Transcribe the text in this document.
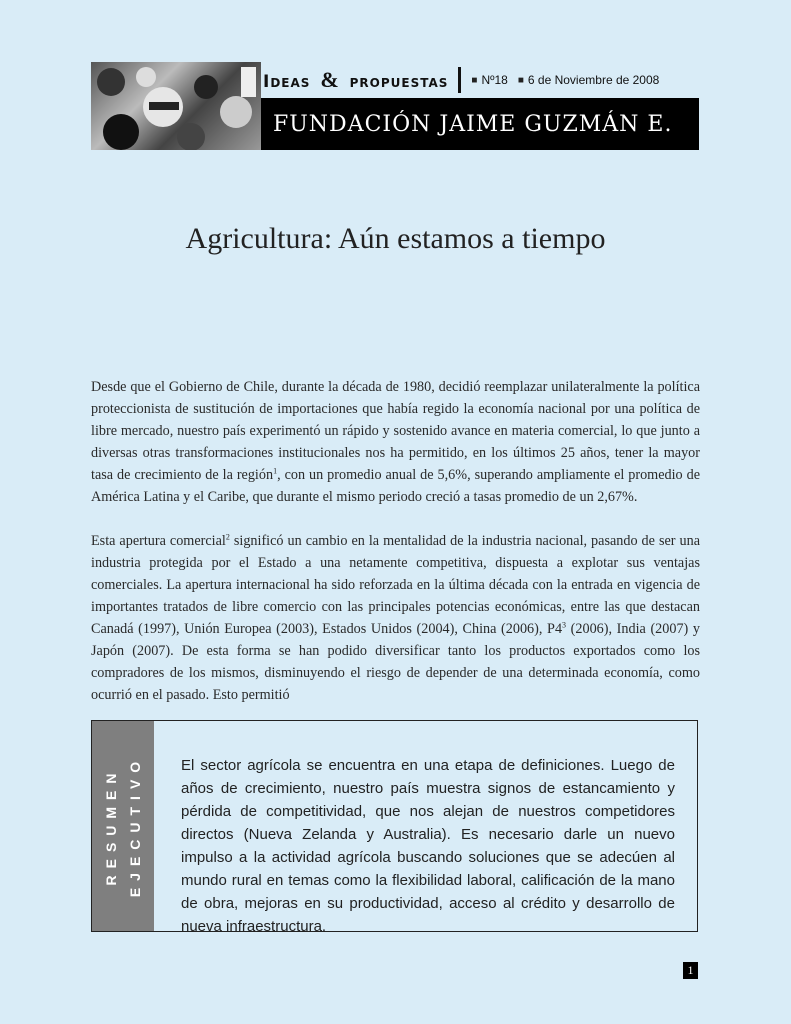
Ideas & propuestas ■ Nº18 ■ 6 de Noviembre de 2008
FUNDACIÓN JAIME GUZMÁN E.
Agricultura: Aún estamos a tiempo

Desde que el Gobierno de Chile, durante la década de 1980, decidió reemplazar unilateralmente la política proteccionista de sustitución de importaciones que había regido la economía nacional por una política de libre mercado, nuestro país experimentó un rápido y sostenido avance en materia comercial, lo que junto a diversas otras transformaciones institucionales nos ha permitido, en los últimos 25 años, tener la mayor tasa de crecimiento de la región$^1$, con un promedio anual de 5,6%, superando ampliamente el promedio de América Latina y el Caribe, que durante el mismo periodo creció a tasas promedio de un 2,67%.

Esta apertura comercial$^2$ significó un cambio en la mentalidad de la industria nacional, pasando de ser una industria protegida por el Estado a una netamente competitiva, dispuesta a explotar sus ventajas comerciales. La apertura internacional ha sido reforzada en la última década con la entrada en vigencia de importantes tratados de libre comercio con las principales potencias económicas, entre las que destacan Canadá (1997), Unión Europea (2003), Estados Unidos (2004), China (2006), $P4^3$ (2006), India (2007) y Japón (2007). De esta forma se han podido diversificar tanto los productos exportados como los compradores de los mismos, disminuyendo el riesgo de depender de una determinada economía, como ocurrió en el pasado. Esto permitió

RESUMEN EJECUTIVO	El sector agrícola se encuentra en una etapa de definiciones. Luego de años de crecimiento, nuestro país muestra signos de estancamiento y pérdida de competitividad, que nos alejan de nuestros competidores directos (Nueva Zelanda y Australia). Es necesario darle un nuevo impulso a la actividad agrícola buscando soluciones que se adecúen al mundo rural en temas como la flexibilidad laboral, calificación de la mano de obra, mejoras en su productividad, acceso al crédito y desarrollo de nueva infraestructura.
1
